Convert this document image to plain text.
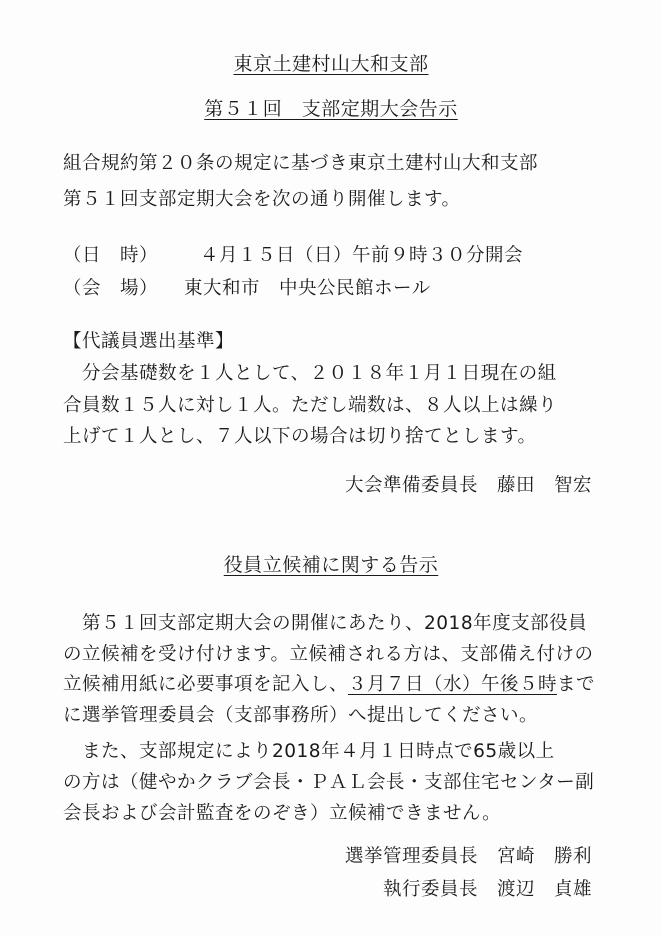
東京土建村山大和支部
第５１回　支部定期大会告示
組合規約第２０条の規定に基づき東京土建村山大和支部
第５１回支部定期大会を次の通り開催します。
（日　時） ４月１５日（日）午前９時３０分開会
（会　場） 東大和市　中央公民館ホール
【代議員選出基準】
　分会基礎数を１人として、２０１８年１月１日現在の組
合員数１５人に対し１人。ただし端数は、８人以上は繰り
上げて１人とし、７人以下の場合は切り捨てとします。
大会準備委員長　藤田　智宏
役員立候補に関する告示
　第５１回支部定期大会の開催にあたり、2018年度支部役員
の立候補を受け付けます。立候補される方は、支部備え付けの
立候補用紙に必要事項を記入し、３月７日（水）午後５時まで
に選挙管理委員会（支部事務所）へ提出してください。
　また、支部規定により2018年４月１日時点で65歳以上
の方は（健やかクラブ会長・ＰＡＬ会長・支部住宅センター副
会長および会計監査をのぞき）立候補できません。
選挙管理委員長　宮崎　勝利
執行委員長　渡辺　貞雄
